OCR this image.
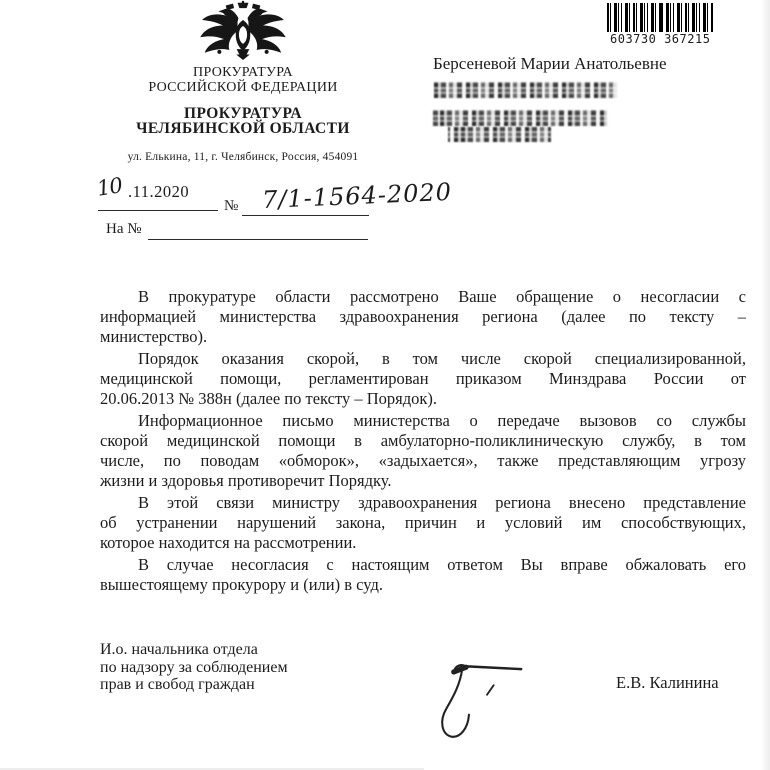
ПРОКУРАТУРА
РОССИЙСКОЙ ФЕДЕРАЦИИ
ПРОКУРАТУРА
ЧЕЛЯБИНСКОЙ ОБЛАСТИ
ул. Елькина, 11, г. Челябинск, Россия, 454091
603730 367215
Берсеневой Марии Анатольевне
10 .11.2020
№ 7/1-1564-2020
На №
В прокуратуре области рассмотрено Ваше обращение о несогласии с
информацией министерства здравоохранения региона (далее по тексту –
министерство).
Порядок оказания скорой, в том числе скорой специализированной,
медицинской помощи, регламентирован приказом Минздрава России от
20.06.2013 № 388н (далее по тексту – Порядок).
Информационное письмо министерства о передаче вызовов со службы
скорой медицинской помощи в амбулаторно-поликлиническую службу, в том
числе, по поводам «обморок», «задыхается», также представляющим угрозу
жизни и здоровья противоречит Порядку.
В этой связи министру здравоохранения региона внесено представление
об устранении нарушений закона, причин и условий им способствующих,
которое находится на рассмотрении.
В случае несогласия с настоящим ответом Вы вправе обжаловать его
вышестоящему прокурору и (или) в суд.
И.о. начальника отдела
по надзору за соблюдением
прав и свобод граждан	Е.В. Калинина
